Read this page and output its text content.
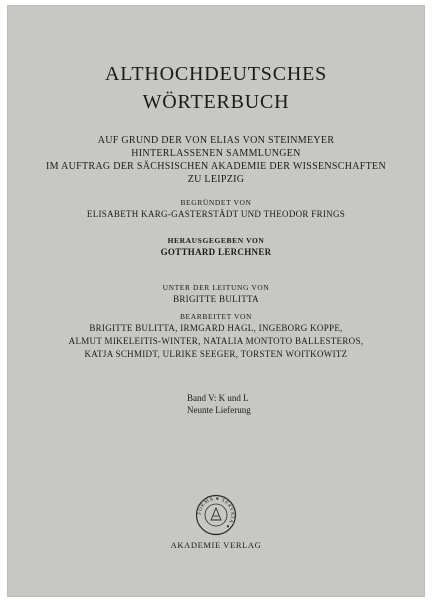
ALTHOCHDEUTSCHES
WÖRTERBUCH
AUF GRUND DER VON ELIAS VON STEINMEYER
HINTERLASSENEN SAMMLUNGEN
IM AUFTRAG DER SÄCHSISCHEN AKADEMIE DER WISSENSCHAFTEN
ZU LEIPZIG
BEGRÜNDET VON
ELISABETH KARG-GASTERSTÄDT UND THEODOR FRINGS
HERAUSGEGEBEN VON
GOTTHARD LERCHNER
UNTER DER LEITUNG VON
BRIGITTE BULITTA
BEARBEITET VON
BRIGITTE BULITTA, IRMGARD HAGL, INGEBORG KOPPE,
ALMUT MIKELEITIS-WINTER, NATALIA MONTOTO BALLESTEROS,
KATJA SCHMIDT, ULRIKE SEEGER, TORSTEN WOITKOWITZ
Band V: K und L
Neunte Lieferung
FORMA ● SERVATA ●
AKADEMIE VERLAG
